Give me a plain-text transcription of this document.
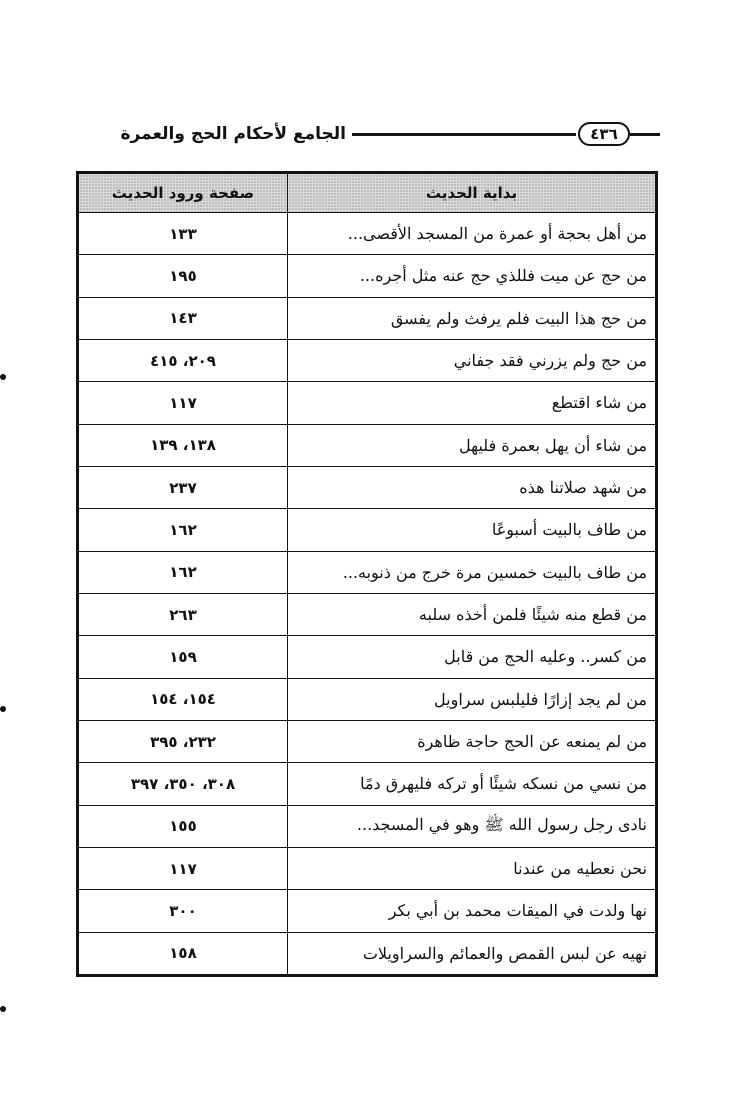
الجامع لأحكام الحج والعمرة	٤٣٦
صفحة ورود الحديث	بداية الحديث
١٣٣	من أهل بحجة أو عمرة من المسجد الأقصى...
١٩٥	من حج عن ميت فللذي حج عنه مثل أجره...
١٤٣	من حج هذا البيت فلم يرفث ولم يفسق
٢٠٩، ٤١٥	من حج ولم يزرني فقد جفاني
١١٧	من شاء اقتطع
١٣٨، ١٣٩	من شاء أن يهل بعمرة فليهل
٢٣٧	من شهد صلاتنا هذه
١٦٢	من طاف بالبيت أسبوعًا
١٦٢	من طاف بالبيت خمسين مرة خرج من ذنوبه...
٢٦٣	من قطع منه شيئًا فلمن أخذه سلبه
١٥٩	من كسر.. وعليه الحج من قابل
١٥٤، ١٥٤	من لم يجد إزارًا فليلبس سراويل
٢٣٢، ٣٩٥	من لم يمنعه عن الحج حاجة ظاهرة
٣٠٨، ٣٥٠، ٣٩٧	من نسي من نسكه شيئًا أو تركه فليهرق دمًا
١٥٥	نادى رجل رسول الله ﷺ وهو في المسجد...
١١٧	نحن نعطيه من عندنا
٣٠٠	نها ولدت في الميقات محمد بن أبي بكر
١٥٨	نهيه عن لبس القمص والعمائم والسراويلات
